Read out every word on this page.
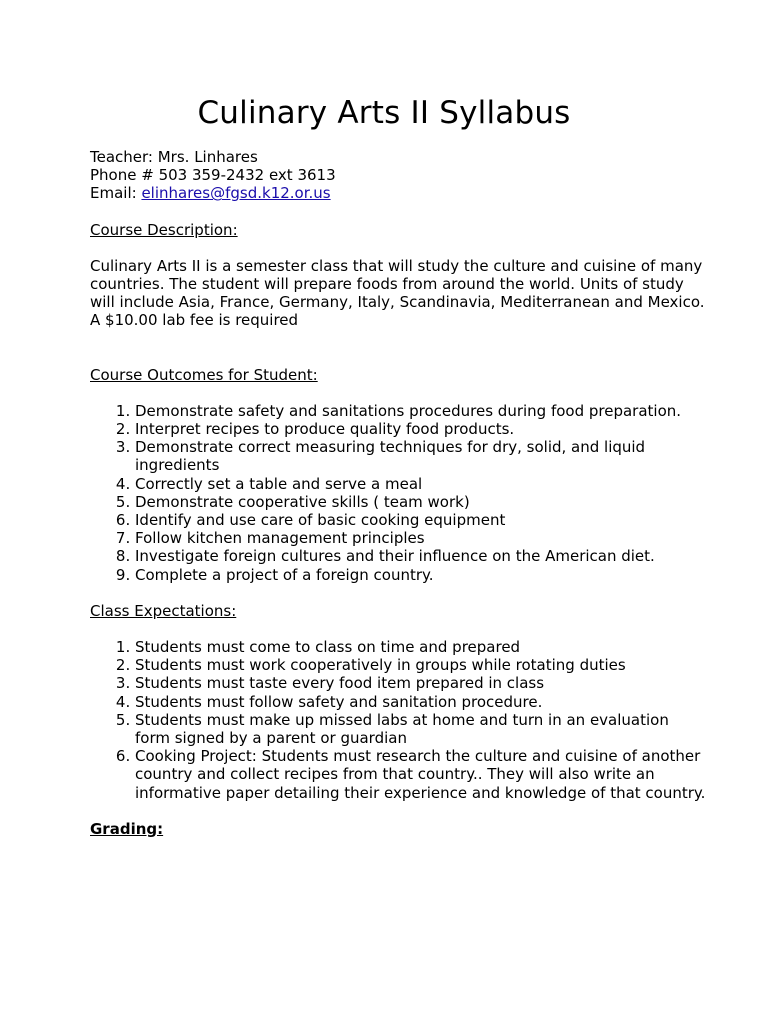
Culinary Arts II Syllabus

Teacher: Mrs. Linhares

Phone # 503 359-2432 ext 3613

Email: elinhares@fgsd.k12.or.us

Course Description:

Culinary Arts II is a semester class that will study the culture and cuisine of many countries. The student will prepare foods from around the world. Units of study will include Asia, France, Germany, Italy, Scandinavia, Mediterranean and Mexico. A $10.00 lab fee is required

Course Outcomes for Student:

1. Demonstrate safety and sanitations procedures during food preparation.
2. Interpret recipes to produce quality food products.
3. Demonstrate correct measuring techniques for dry, solid, and liquid ingredients
4. Correctly set a table and serve a meal
5. Demonstrate cooperative skills ( team work)
6. Identify and use care of basic cooking equipment
7. Follow kitchen management principles
8. Investigate foreign cultures and their influence on the American diet.
9. Complete a project of a foreign country.

Class Expectations:

1. Students must come to class on time and prepared
2. Students must work cooperatively in groups while rotating duties
3. Students must taste every food item prepared in class
4. Students must follow safety and sanitation procedure.
5. Students must make up missed labs at home and turn in an evaluation form signed by a parent or guardian
6. Cooking Project: Students must research the culture and cuisine of another country and collect recipes from that country.. They will also write an informative paper detailing their experience and knowledge of that country.

Grading:
